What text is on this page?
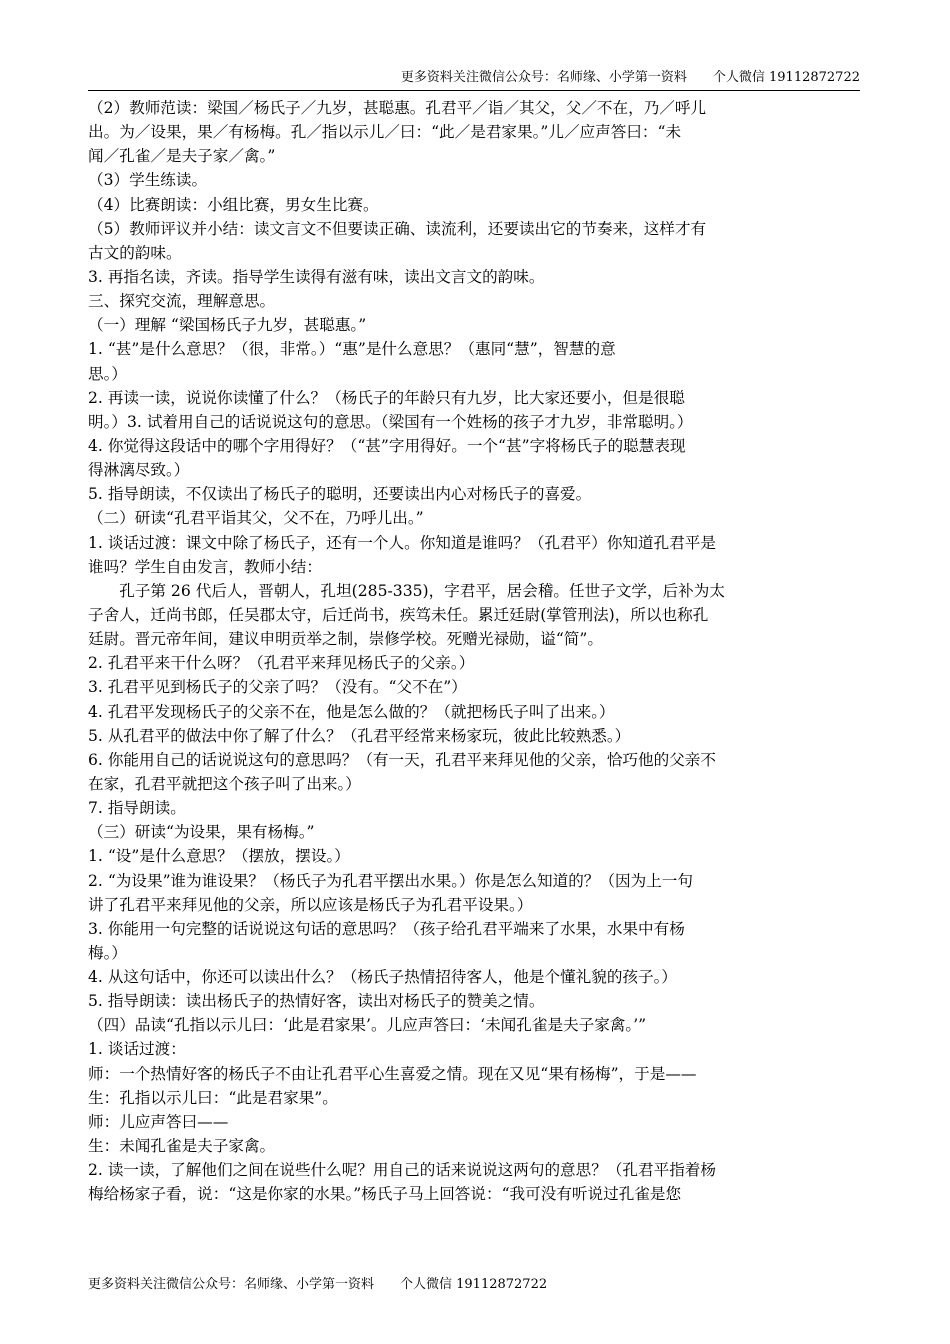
更多资料关注微信公众号：名师缘、小学第一资料　　个人微信 19112872722
（2）教师范读：梁国／杨氏子／九岁，甚聪惠。孔君平／诣／其父，父／不在，乃／呼儿
出。为／设果，果／有杨梅。孔／指以示儿／曰：“此／是君家果。”儿／应声答曰：“未
闻／孔雀／是夫子家／禽。”
（3）学生练读。
（4）比赛朗读：小组比赛，男女生比赛。
（5）教师评议并小结：读文言文不但要读正确、读流利，还要读出它的节奏来，这样才有
古文的韵味。
3. 再指名读，齐读。指导学生读得有滋有味，读出文言文的韵味。
三、探究交流，理解意思。
（一）理解 “梁国杨氏子九岁，甚聪惠。”
1. “甚”是什么意思？（很，非常。）“惠”是什么意思？（惠同“慧”，智慧的意
思。）
2. 再读一读，说说你读懂了什么？（杨氏子的年龄只有九岁，比大家还要小，但是很聪
明。）3. 试着用自己的话说说这句的意思。（梁国有一个姓杨的孩子才九岁，非常聪明。）
4. 你觉得这段话中的哪个字用得好？（“甚”字用得好。一个“甚”字将杨氏子的聪慧表现
得淋漓尽致。）
5. 指导朗读，不仅读出了杨氏子的聪明，还要读出内心对杨氏子的喜爱。
（二）研读“孔君平诣其父，父不在，乃呼儿出。”
1. 谈话过渡：课文中除了杨氏子，还有一个人。你知道是谁吗？（孔君平）你知道孔君平是
谁吗？学生自由发言，教师小结：
　　孔子第 26 代后人，晋朝人，孔坦(285-335)，字君平，居会稽。任世子文学，后补为太
子舍人，迁尚书郎，任吴郡太守，后迁尚书，疾笃未任。累迁廷尉(掌管刑法)，所以也称孔
廷尉。晋元帝年间，建议申明贡举之制，崇修学校。死赠光禄勋，谥“简”。
2. 孔君平来干什么呀？（孔君平来拜见杨氏子的父亲。）
3. 孔君平见到杨氏子的父亲了吗？（没有。“父不在”）
4. 孔君平发现杨氏子的父亲不在，他是怎么做的？（就把杨氏子叫了出来。）
5. 从孔君平的做法中你了解了什么？（孔君平经常来杨家玩，彼此比较熟悉。）
6. 你能用自己的话说说这句的意思吗？（有一天，孔君平来拜见他的父亲，恰巧他的父亲不
在家，孔君平就把这个孩子叫了出来。）
7. 指导朗读。
（三）研读“为设果，果有杨梅。”
1. “设”是什么意思？（摆放，摆设。）
2. “为设果”谁为谁设果？（杨氏子为孔君平摆出水果。）你是怎么知道的？（因为上一句
讲了孔君平来拜见他的父亲，所以应该是杨氏子为孔君平设果。）
3. 你能用一句完整的话说说这句话的意思吗？（孩子给孔君平端来了水果，水果中有杨
梅。）
4. 从这句话中，你还可以读出什么？（杨氏子热情招待客人，他是个懂礼貌的孩子。）
5. 指导朗读：读出杨氏子的热情好客，读出对杨氏子的赞美之情。
（四）品读“孔指以示儿曰：‘此是君家果’。儿应声答曰：‘未闻孔雀是夫子家禽。’”
1. 谈话过渡：
师：一个热情好客的杨氏子不由让孔君平心生喜爱之情。现在又见“果有杨梅”，于是——
生：孔指以示儿曰：“此是君家果”。
师：儿应声答曰——
生：未闻孔雀是夫子家禽。
2. 读一读，了解他们之间在说些什么呢？用自己的话来说说这两句的意思？（孔君平指着杨
梅给杨家子看，说：“这是你家的水果。”杨氏子马上回答说：“我可没有听说过孔雀是您
更多资料关注微信公众号：名师缘、小学第一资料　　个人微信 19112872722
